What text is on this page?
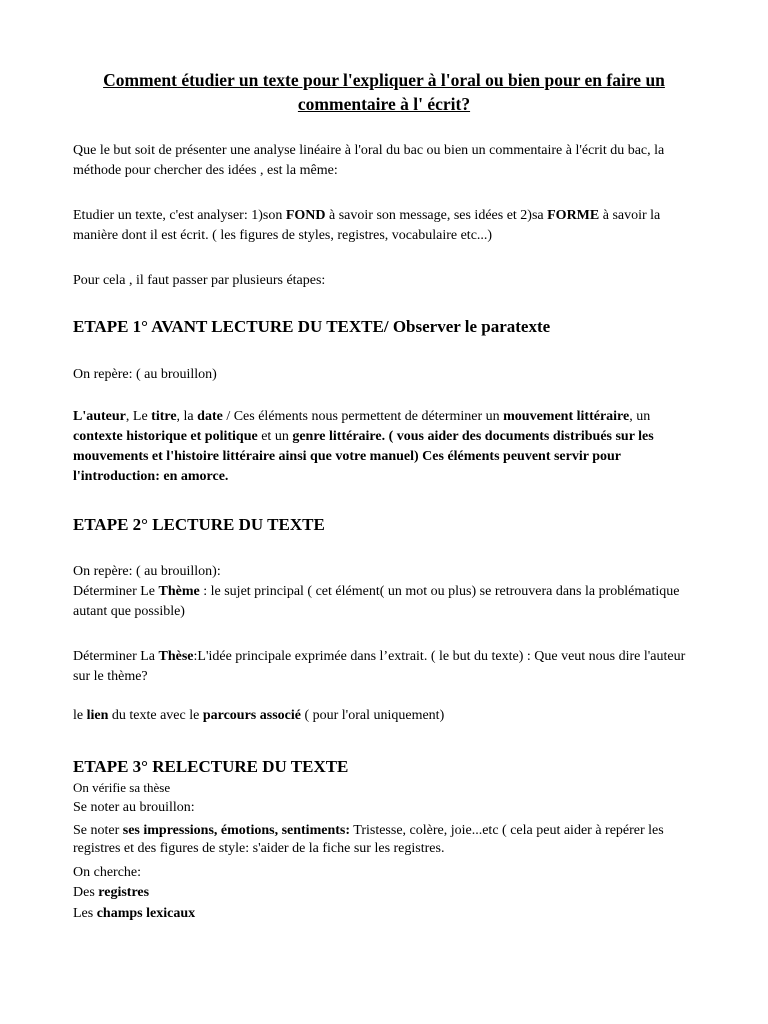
Comment étudier un texte pour l'expliquer à l'oral ou bien pour en faire un commentaire à l' écrit?

Que le but soit de présenter une analyse linéaire à l'oral du bac ou bien un commentaire à l'écrit du bac, la méthode pour chercher des idées , est la même:

Etudier un texte, c'est analyser: 1)son FOND à savoir son message, ses idées et 2)sa FORME à savoir la manière dont il est écrit. ( les figures de styles, registres, vocabulaire etc...)

Pour cela , il faut passer par plusieurs étapes:

ETAPE 1° AVANT LECTURE DU TEXTE/ Observer le paratexte

On repère: ( au brouillon)

L'auteur, Le titre, la date / Ces éléments nous permettent de déterminer un mouvement littéraire, un contexte historique et politique et un genre littéraire. ( vous aider des documents distribués sur les mouvements et l'histoire littéraire ainsi que votre manuel) Ces éléments peuvent servir pour l'introduction: en amorce.

ETAPE 2° LECTURE DU TEXTE

On repère: ( au brouillon):

Déterminer Le Thème : le sujet principal ( cet élément( un mot ou plus) se retrouvera dans la problématique autant que possible)

Déterminer La Thèse:L'idée principale exprimée dans l’extrait. ( le but du texte) : Que veut nous dire l'auteur sur le thème?

le lien du texte avec le parcours associé ( pour l'oral uniquement)

ETAPE 3° RELECTURE DU TEXTE

On vérifie sa thèse

Se noter au brouillon:

Se noter ses impressions, émotions, sentiments: Tristesse, colère, joie...etc ( cela peut aider à repérer les registres et des figures de style: s'aider de la fiche sur les registres.

On cherche:

Des registres

Les champs lexicaux
